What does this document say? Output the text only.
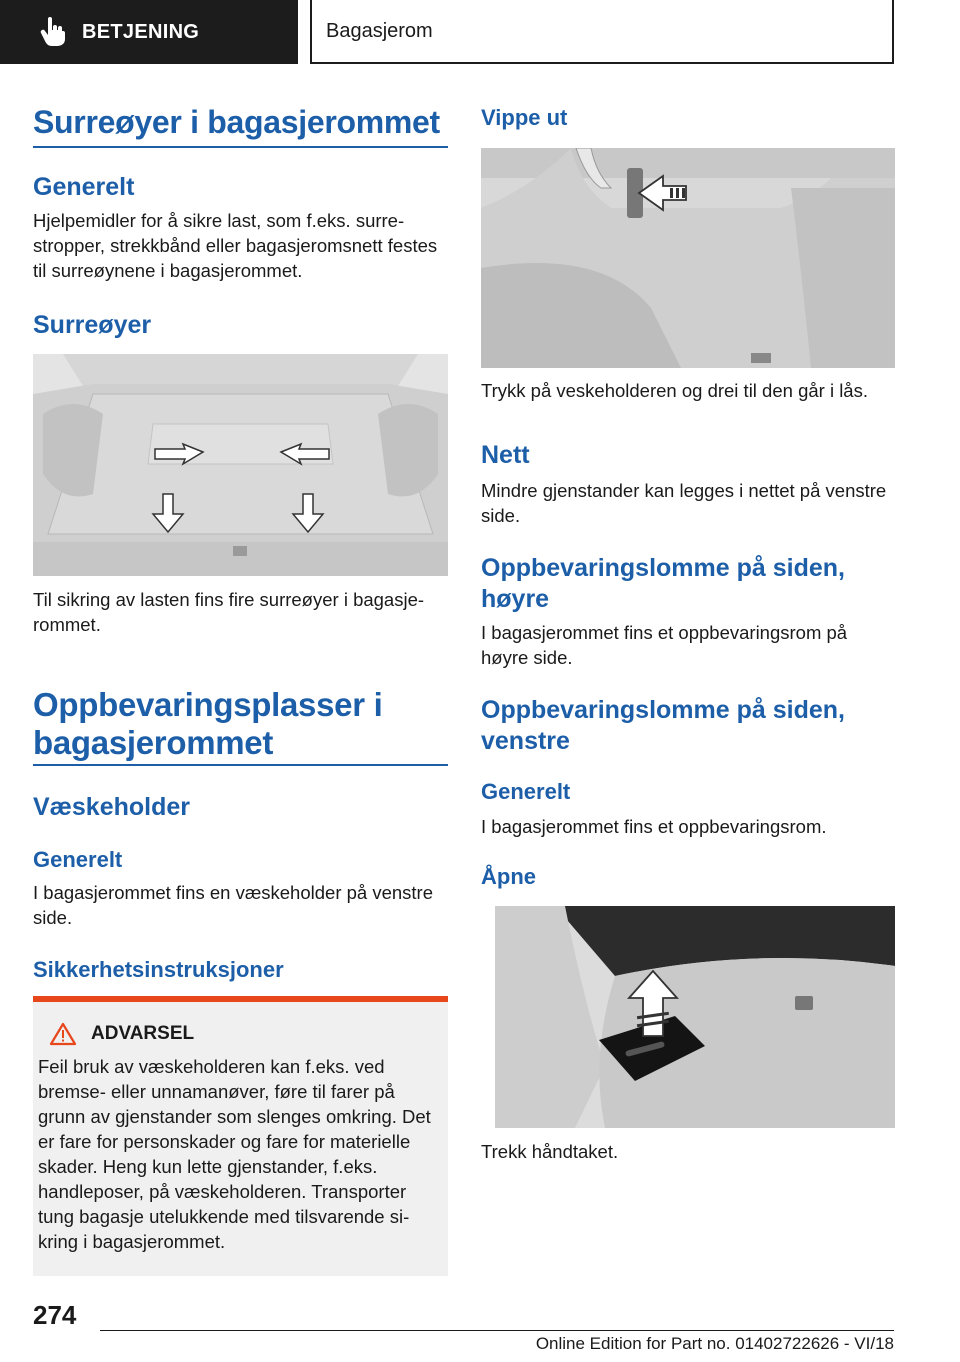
BETJENING	Bagasjerom
Surreøyer i bagasjerommet
Generelt

Hjelpemidler for å sikre last, som f.eks. surrestropper, strekkbånd eller bagasjeromsnett festes til surreøynene i bagasjerommet.

Surreøyer

Til sikring av lasten fins fire surreøyer i bagasjerommet.

Oppbevaringsplasser i bagasjerommet
Væskeholder
Generelt

I bagasjerommet fins en væskeholder på venstre side.

Sikkerhetsinstruksjoner
ADVARSEL

Feil bruk av væskeholderen kan f.eks. ved bremse- eller unnamanøver, føre til farer på grunn av gjenstander som slenges omkring. Det er fare for personskader og fare for materielle skader. Heng kun lette gjenstander, f.eks. handleposer, på væskeholderen. Transporter tung bagasje utelukkende med tilsvarende sikring i bagasjerommet.

Vippe ut

Trykk på veskeholderen og drei til den går i lås.

Nett

Mindre gjenstander kan legges i nettet på venstre side.

Oppbevaringslomme på siden, høyre

I bagasjerommet fins et oppbevaringsrom på høyre side.

Oppbevaringslomme på siden, venstre
Generelt

I bagasjerommet fins et oppbevaringsrom.

Åpne

Trekk håndtaket.

274
Online Edition for Part no. 01402722626 - VI/18
